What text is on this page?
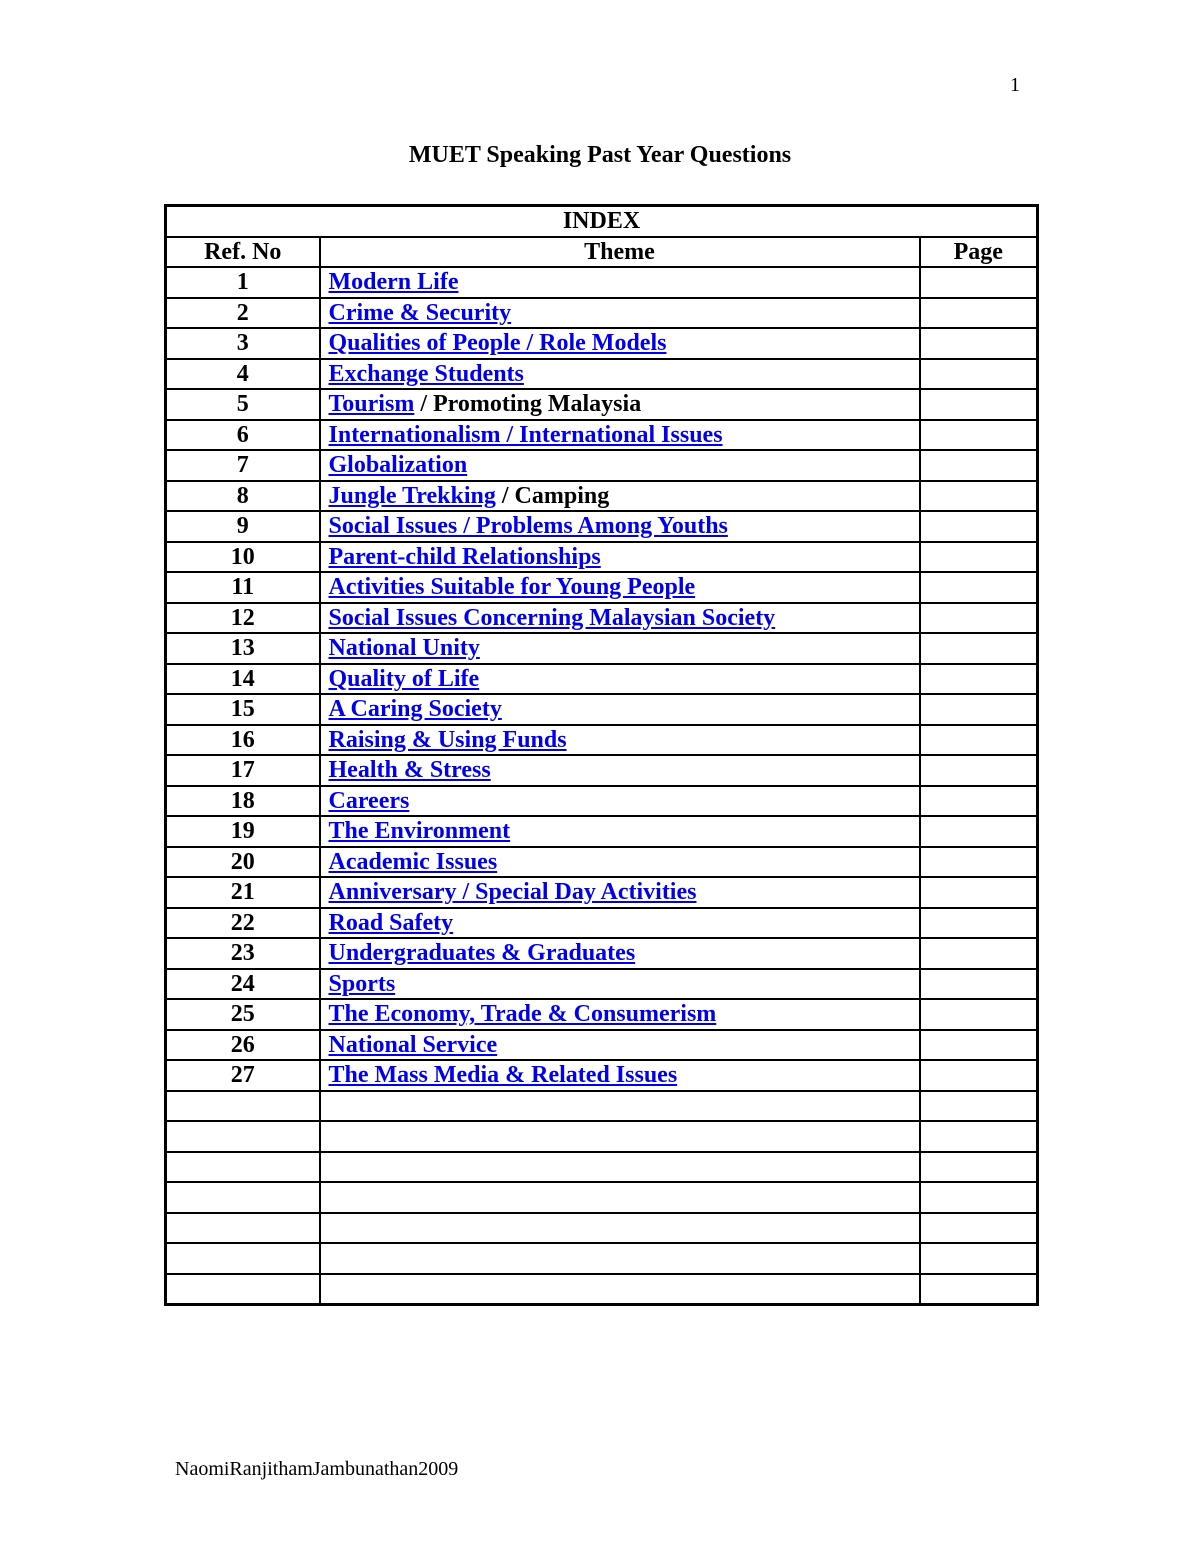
1
MUET Speaking Past Year Questions
INDEX		
Ref. No	Theme	Page
1	Modern Life	
2	Crime & Security	
3	Qualities of People / Role Models	
4	Exchange Students	
5	Tourism / Promoting Malaysia	
6	Internationalism / International Issues	
7	Globalization	
8	Jungle Trekking / Camping	
9	Social Issues / Problems Among Youths	
10	Parent-child Relationships	
11	Activities Suitable for Young People	
12	Social Issues Concerning Malaysian Society	
13	National Unity	
14	Quality of Life	
15	A Caring Society	
16	Raising & Using Funds	
17	Health & Stress	
18	Careers	
19	The Environment	
20	Academic Issues	
21	Anniversary / Special Day Activities	
22	Road Safety	
23	Undergraduates & Graduates	
24	Sports	
25	The Economy, Trade & Consumerism	
26	National Service	
27	The Mass Media & Related Issues	

NaomiRanjithamJambunathan2009
